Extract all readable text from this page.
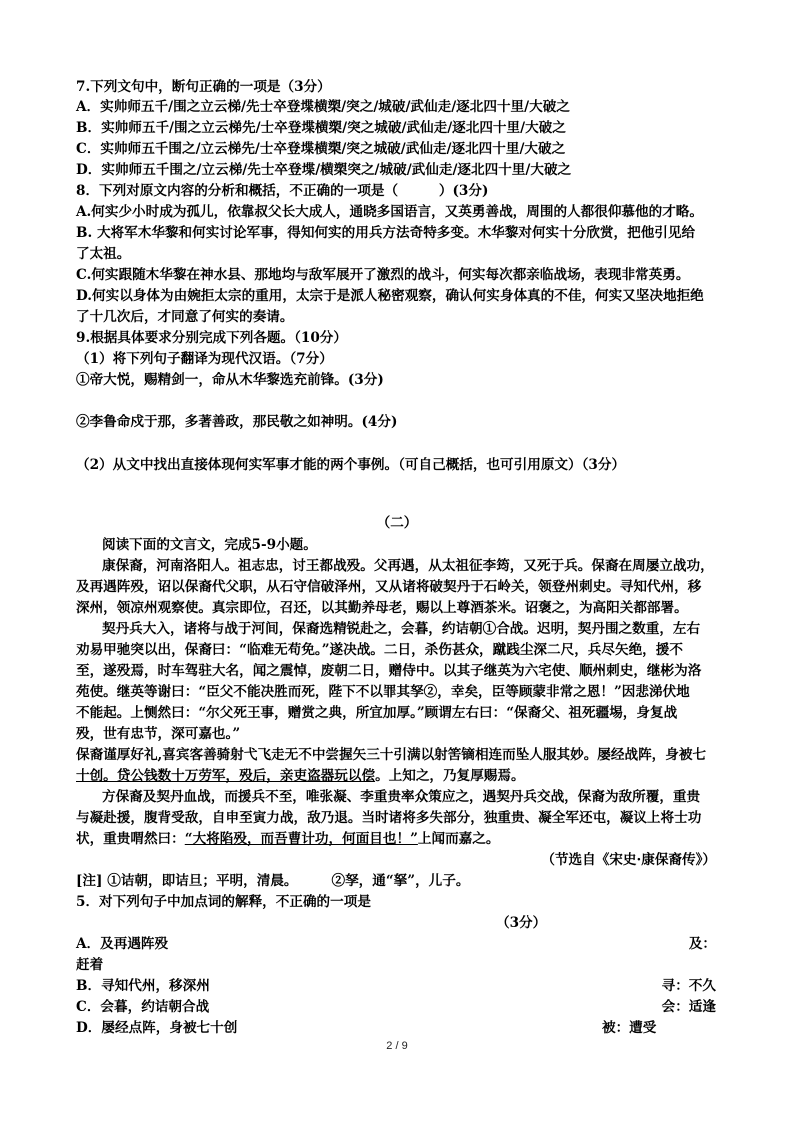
7.下列文句中，断句正确的一项是（3分）
A．实帅师五千/围之立云梯/先士卒登堞横槊/突之/城破/武仙走/逐北四十里/大破之
B．实帅师五千/围之立云梯先/士卒登堞横槊/突之城破/武仙走/逐北四十里/大破之
C．实帅师五千围之/立云梯先/士卒登堞横槊/突之城破/武仙走/逐北四十里/大破之
D．实帅师五千围之/立云梯/先士卒登堞/横槊突之/城破/武仙走/逐北四十里/大破之
8．下列对原文内容的分析和概括，不正确的一项是（　　　）(3分)
A.何实少小时成为孤儿，依靠叔父长大成人，通晓多国语言，又英勇善战，周围的人都很仰慕他的才略。
B. 大将军木华黎和何实讨论军事，得知何实的用兵方法奇特多变。木华黎对何实十分欣赏，把他引见给
了太祖。
C.何实跟随木华黎在神水县、那地均与敌军展开了激烈的战斗，何实每次都亲临战场，表现非常英勇。
D.何实以身体为由婉拒太宗的重用，太宗于是派人秘密观察，确认何实身体真的不佳，何实又坚决地拒绝
了十几次后，才同意了何实的奏请。
9.根据具体要求分别完成下列各题。（10分）
（1）将下列句子翻译为现代汉语。（7分）
①帝大悦，赐精剑一，命从木华黎选充前锋。(3分)
②李鲁命戍于那，多著善政，那民敬之如神明。(4分)
（2）从文中找出直接体现何实军事才能的两个事例。（可自己概括，也可引用原文）（3分）
（二）
阅读下面的文言文，完成5-9小题。
康保裔，河南洛阳人。祖志忠，讨王都战殁。父再遇，从太祖征李筠，又死于兵。保裔在周屡立战功，
及再遇阵殁，诏以保裔代父职，从石守信破泽州，又从诸将破契丹于石岭关，领登州刺史。寻知代州，移
深州，领凉州观察使。真宗即位，召还，以其勤养母老，赐以上尊酒茶米。诏褒之，为高阳关都部署。
契丹兵大入，诸将与战于河间，保裔选精锐赴之，会暮，约诘朝①合战。迟明，契丹围之数重，左右
劝易甲驰突以出，保裔曰：“临难无苟免。”遂决战。二日，杀伤甚众，蹴践尘深二尺，兵尽矢绝，援不
至，遂殁焉，时车驾驻大名，闻之震悼，废朝二日，赠侍中。以其子继英为六宅使、顺州刺史，继彬为洛
苑使。继英等谢曰：“臣父不能决胜而死，陛下不以罪其孥②，幸矣，臣等顾蒙非常之恩！”因悲涕伏地
不能起。上恻然曰：“尔父死王事，赠赏之典，所宜加厚。”顾谓左右曰：“保裔父、祖死疆埸，身复战
殁，世有忠节，深可嘉也。”
保裔谨厚好礼,喜宾客善骑射弋飞走无不中尝握矢三十引满以射筈镝相连而坠人服其妙。屡经战阵，身被七
十创。贷公钱数十万劳军，殁后，亲吏盗器玩以偿。上知之，乃复厚赐焉。
方保裔及契丹血战，而援兵不至，唯张凝、李重贵率众策应之，遇契丹兵交战，保裔为敌所覆，重贵
与凝赴援，腹背受敌，自申至寅力战，敌乃退。当时诸将多失部分，独重贵、凝全军还屯，凝议上将士功
状，重贵喟然曰：“大将陷殁，而吾曹计功，何面目也！”上闻而嘉之。
（节选自《宋史·康保裔传》）
[注] ①诘朝，即诘旦；平明，清晨。　　　②孥，通“拏”，儿子。
5．对下列句子中加点词的解释，不正确的一项是
（3分）
A．及再遇阵殁	及：
赶着
B．寻知代州，移深州	寻：不久
C．会暮，约诘朝合战	会：适逢
D．屡经点阵，身被七十创	被：遭受
2 / 9
